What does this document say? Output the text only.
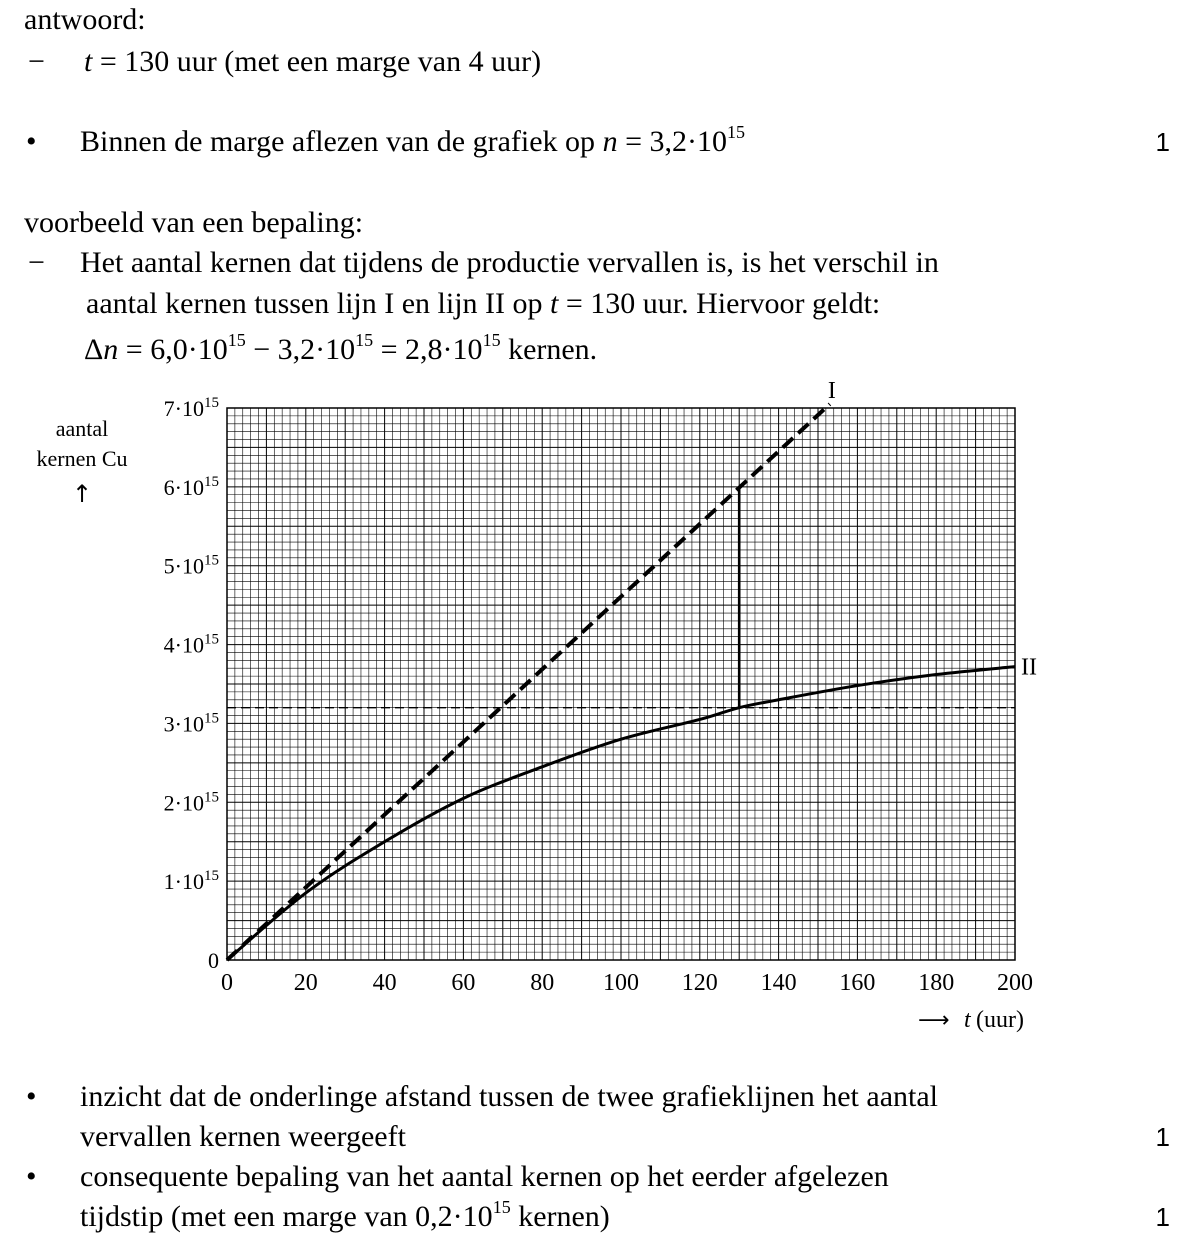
antwoord:
− t = 130 uur (met een marge van 4 uur)
• Binnen de marge aflezen van de grafiek op $n = 3,2\cdot 10^{15}$	1
voorbeeld van een bepaling:
− Het aantal kernen dat tijdens de productie vervallen is, is het verschil in
aantal kernen tussen lijn I en lijn II op t = 130 uur. Hiervoor geldt:
$\Delta n = 6,0\cdot 10^{15} - 3,2\cdot 10^{15} = 2,8\cdot 10^{15}$ kernen.
I
II
0
$1\cdot 10^{15}$
$2\cdot 10^{15}$
$3\cdot 10^{15}$
$4\cdot 10^{15}$
$5\cdot 10^{15}$
$6\cdot 10^{15}$
$7\cdot 10^{15}$
0	20 40 60 80 100 120 140 160 180 200
aantal
kernen Cu
↑
⟶ t (uur)
• inzicht dat de onderlinge afstand tussen de twee grafieklijnen het aantal
vervallen kernen weergeeft	1
• consequente bepaling van het aantal kernen op het eerder afgelezen
tijdstip (met een marge van $0,2\cdot 10^{15}$ kernen)	1
